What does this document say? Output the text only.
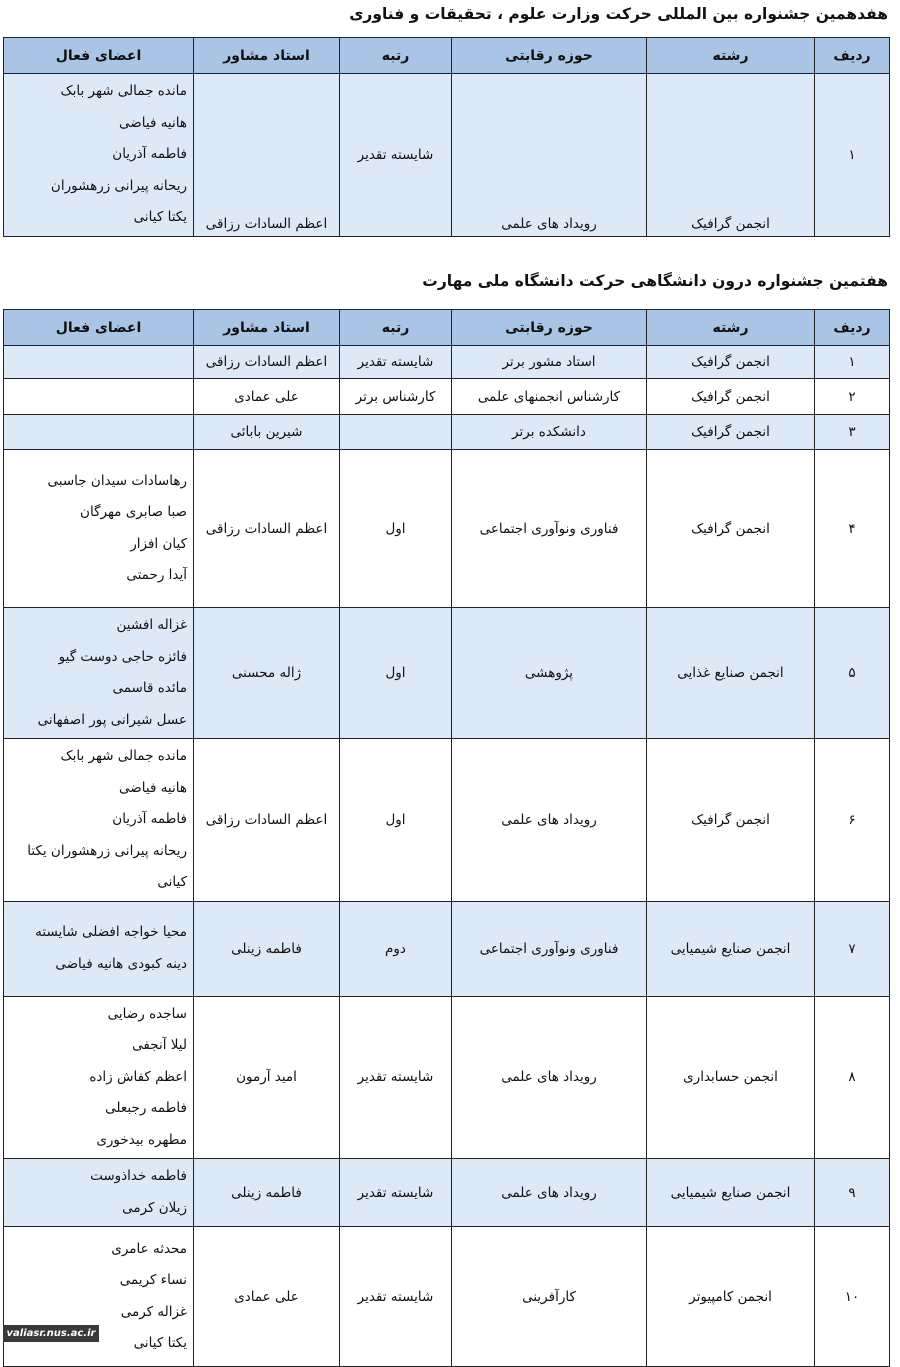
هفدهمین جشنواره بین المللی حرکت وزارت علوم ، تحقیقات و فناوری
ردیف	رشته	حوزه رقابتی	رتبه	استاد مشاور	اعضای فعال
۱	انجمن گرافیک	رویداد های علمی	شایسته تقدیر	اعظم السادات رزاقی	مانده جمالی شهر بابک
هانیه فیاضی
فاطمه آذریان
ریحانه پیرانی زرهشوران
یکتا کیانی
هفتمین جشنواره درون دانشگاهی حرکت دانشگاه ملی مهارت
ردیف	رشته	حوزه رقابتی	رتبه	استاد مشاور	اعضای فعال
۱	انجمن گرافیک	استاد مشور برتر	شایسته تقدیر	اعظم السادات رزاقی	
۲	انجمن گرافیک	کارشناس انجمنهای علمی	کارشناس برتر	علی عمادی	
۳	انجمن گرافیک	دانشکده برتر		شیرین بابائی	
۴	انجمن گرافیک	فناوری ونوآوری اجتماعی	اول	اعظم السادات رزاقی	رهاسادات سیدان جاسبی
صبا صابری مهرگان
کیان افزار
آیدا رحمتی

۵	انجمن صنایع غذایی	پژوهشی	اول	ژاله محسنی	غزاله افشین
فائزه حاجی دوست گیو
مائده قاسمی
عسل شیرانی پور اصفهانی

۶	انجمن گرافیک	رویداد های علمی	اول	اعظم السادات رزاقی	مانده جمالی شهر بابک
هانیه فیاضی
فاطمه آذریان
ریحانه پیرانی زرهشوران یکتا
کیانی

۷	انجمن صنایع شیمیایی	فناوری ونوآوری اجتماعی	دوم	فاطمه زینلی	محیا خواجه افضلی شایسته
دینه کبودی هانیه فیاضی

۸	انجمن حسابداری	رویداد های علمی	شایسته تقدیر	امید آرمون	ساجده رضایی
لیلا آنجفی
اعظم کفاش زاده
فاطمه رجبعلی
مطهره بیدخوری

۹	انجمن صنایع شیمیایی	رویداد های علمی	شایسته تقدیر	فاطمه زینلی	فاطمه خداذوست
زیلان کرمی

۱۰	انجمن کامپیوتر	کارآفرینی	شایسته تقدیر	علی عمادی	محدثه عامری
نساء کریمی
غزاله کرمی
یکتا کیانی
valiasr.nus.ac.ir
